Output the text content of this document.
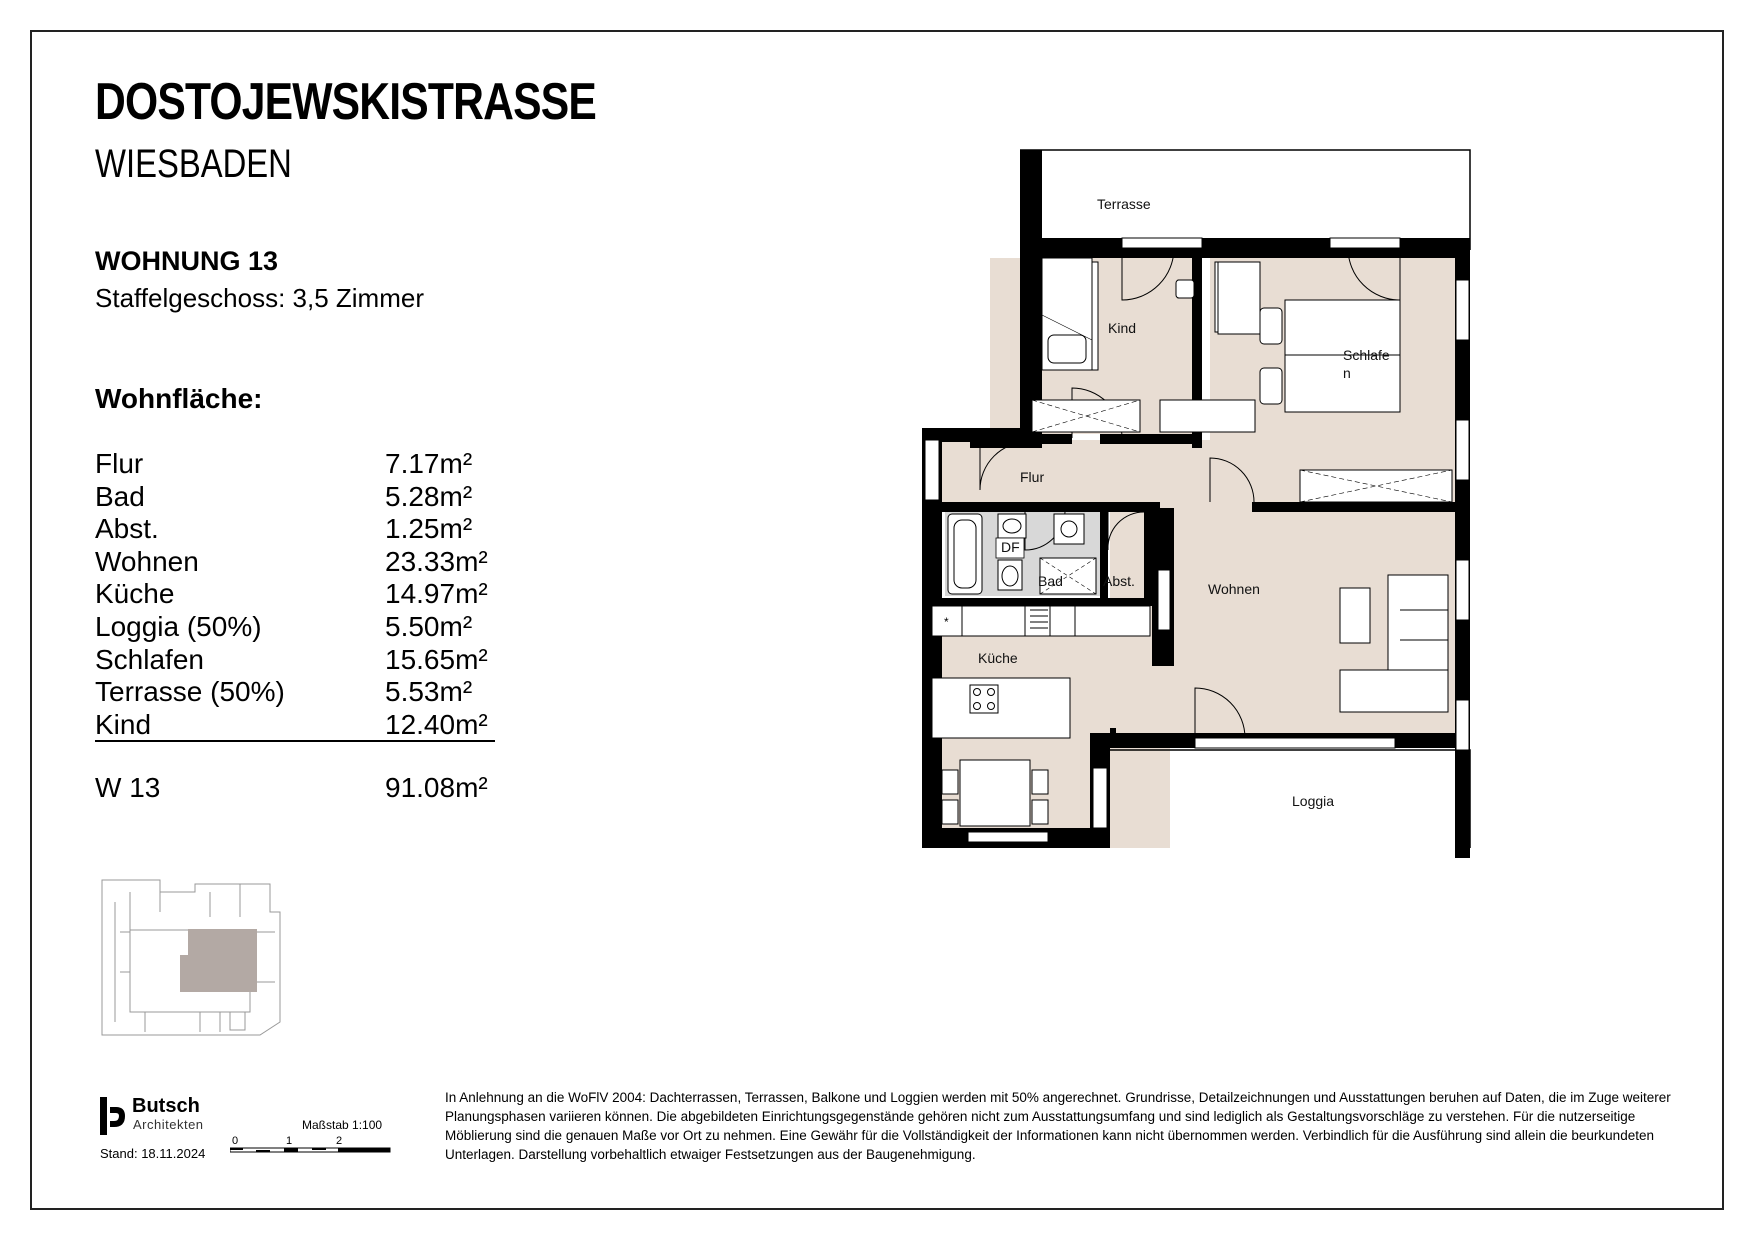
DOSTOJEWSKISTRASSE
WIESBADEN
WOHNUNG 13
Staffelgeschoss: 3,5 Zimmer
Wohnfläche:
Flur	7.17m²
Bad	5.28m²
Abst.	1.25m²
Wohnen	23.33m²
Küche	14.97m²
Loggia (50%)	5.50m²
Schlafen	15.65m²
Terrasse (50%)	5.53m²
Kind	12.40m²
W 13	91.08m²
Butsch
Architekten
Stand: 18.11.2024
Maßstab 1:100
0	1	2
In Anlehnung an die WoFlV 2004: Dachterrassen, Terrassen, Balkone und Loggien werden mit 50% angerechnet. Grundrisse, Detailzeichnungen und Ausstattungen beruhen auf Daten, die im Zuge weiterer Planungsphasen variieren können. Die abgebildeten Einrichtungsgegenstände gehören nicht zum Ausstattungsumfang und sind lediglich als Gestaltungsvorschläge zu verstehen. Für die nutzerseitige Möblierung sind die genauen Maße vor Ort zu nehmen. Eine Gewähr für die Vollständigkeit der Informationen kann nicht übernommen werden. Verbindlich für die Ausführung sind allein die beurkundeten Unterlagen. Darstellung vorbehaltlich etwaiger Festsetzungen aus der Baugenehmigung.
DF
*
Terrasse
Kind
Schlafe
n
Flur
Wohnen
Bad	Abst.
Küche
Loggia
